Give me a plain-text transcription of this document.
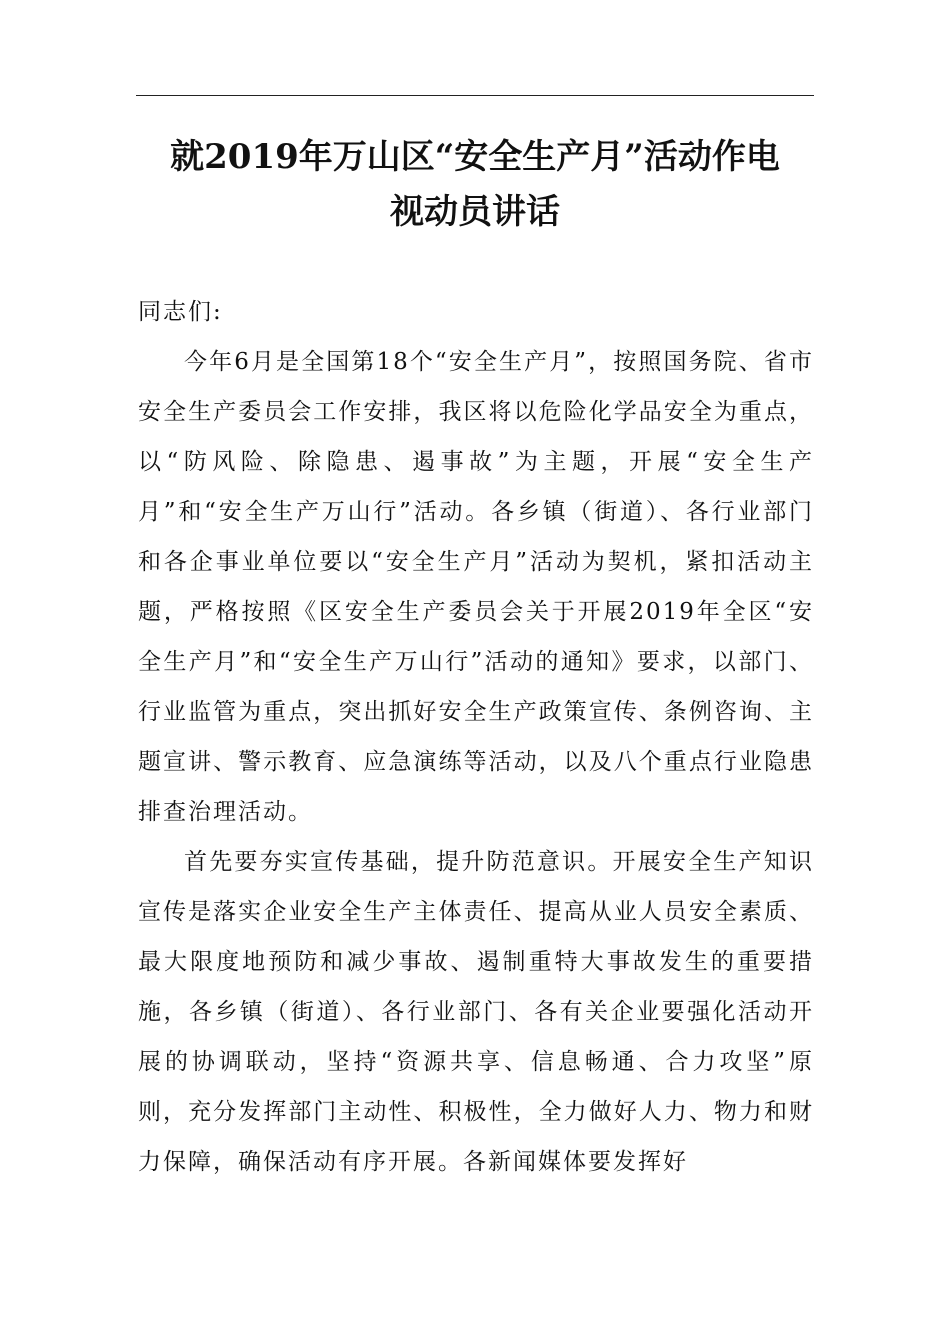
就2019年万山区“安全生产月”活动作电
视动员讲话

同志们:

今年6月是全国第18个“安全生产月”，按照国务院、省市安全生产委员会工作安排，我区将以危险化学品安全为重点，以“防风险、除隐患、遏事故”为主题，开展“安全生产月”和“安全生产万山行”活动。各乡镇（街道）、各行业部门和各企事业单位要以“安全生产月”活动为契机，紧扣活动主题，严格按照《区安全生产委员会关于开展2019年全区“安全生产月”和“安全生产万山行”活动的通知》要求，以部门、行业监管为重点，突出抓好安全生产政策宣传、条例咨询、主题宣讲、警示教育、应急演练等活动，以及八个重点行业隐患排查治理活动。

首先要夯实宣传基础，提升防范意识。开展安全生产知识宣传是落实企业安全生产主体责任、提高从业人员安全素质、最大限度地预防和减少事故、遏制重特大事故发生的重要措施，各乡镇（街道）、各行业部门、各有关企业要强化活动开展的协调联动，坚持“资源共享、信息畅通、合力攻坚”原则，充分发挥部门主动性、积极性，全力做好人力、物力和财力保障，确保活动有序开展。各新闻媒体要发挥好
